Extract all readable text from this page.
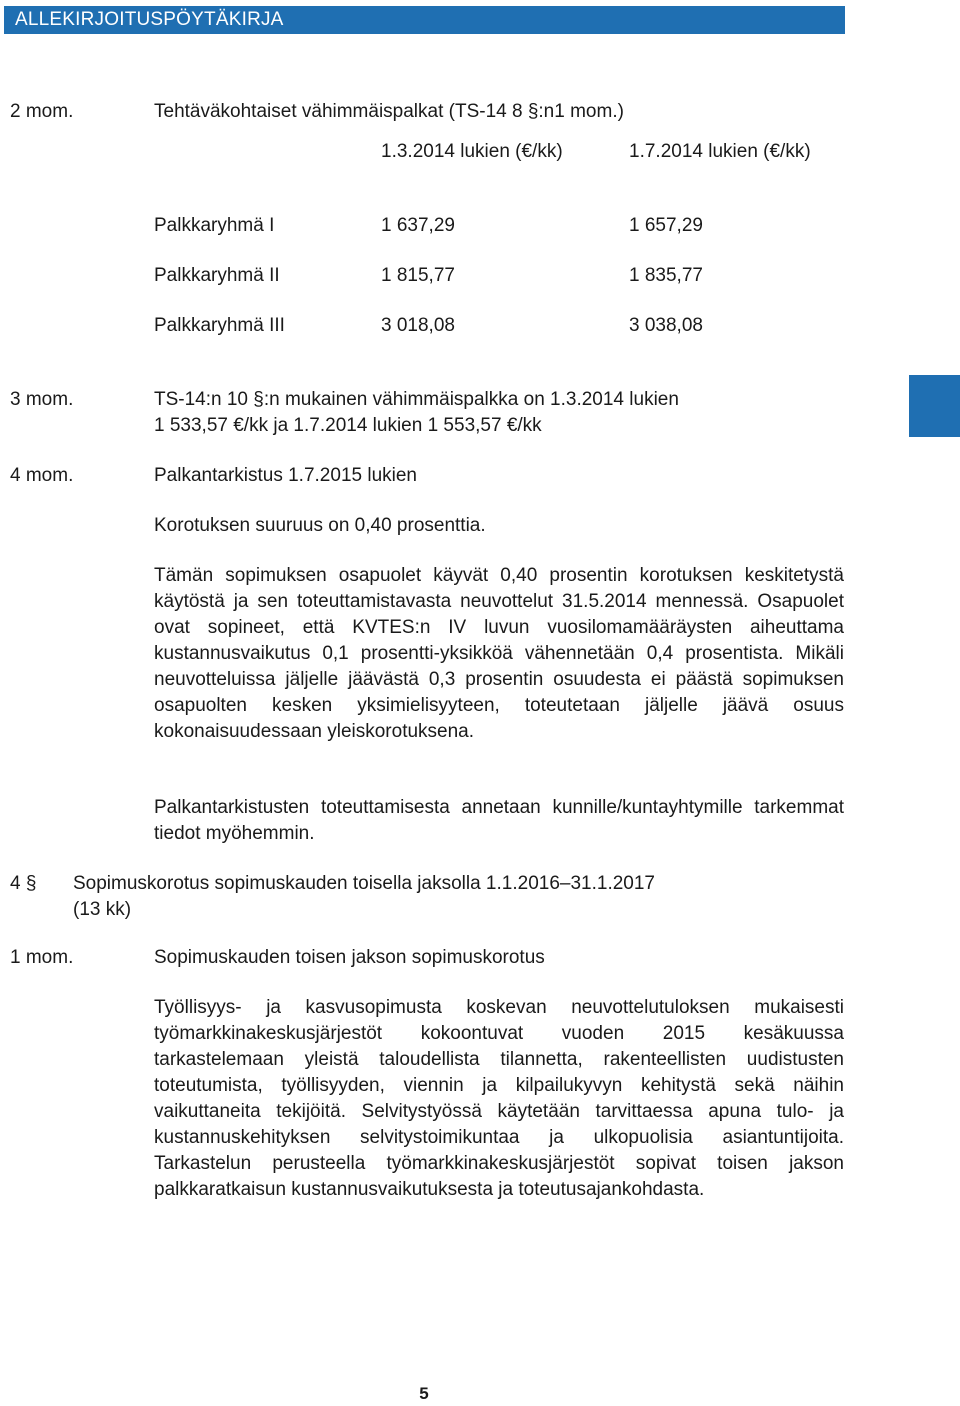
ALLEKIRJOITUSPÖYTÄKIRJA
2 mom.	Tehtäväkohtaiset vähimmäispalkat (TS-14 8 §:n1 mom.)
1.3.2014 lukien (€/kk)	1.7.2014 lukien (€/kk)
Palkkaryhmä I	1 637,29	1 657,29
Palkkaryhmä II	1 815,77	1 835,77
Palkkaryhmä III	3 018,08	3 038,08
3 mom.	TS-14:n 10 §:n mukainen vähimmäispalkka on 1.3.2014 lukien
1 533,57 €/kk ja 1.7.2014 lukien 1 553,57 €/kk
4 mom.	Palkantarkistus 1.7.2015 lukien
Korotuksen suuruus on 0,40 prosenttia.
Tämän sopimuksen osapuolet käyvät 0,40 prosentin korotuksen keskitetystä käytöstä ja sen toteuttamistavasta neuvottelut 31.5.2014 mennessä. Osapuolet ovat sopineet, että KVTES:n IV luvun vuosilomamääräysten aiheuttama kustannusvaikutus 0,1 prosentti-yksikköä vähennetään 0,4 prosentista. Mikäli neuvotteluissa jäljelle jäävästä 0,3 prosentin osuudesta ei päästä sopimuksen osapuolten kesken yksimielisyyteen, toteutetaan jäljelle jäävä osuus kokonaisuudessaan yleiskorotuksena.
Palkantarkistusten toteuttamisesta annetaan kunnille/kuntayhtymille tarkemmat tiedot myöhemmin.
4 § Sopimuskorotus sopimuskauden toisella jaksolla 1.1.2016–31.1.2017
(13 kk)
1 mom.	Sopimuskauden toisen jakson sopimuskorotus
Työllisyys- ja kasvusopimusta koskevan neuvottelutuloksen mukaisesti työmarkkinakeskusjärjestöt kokoontuvat vuoden 2015 kesäkuussa tarkastelemaan yleistä taloudellista tilannetta, rakenteellisten uudistusten toteutumista, työllisyyden, viennin ja kilpailukyvyn kehitystä sekä näihin vaikuttaneita tekijöitä. Selvitystyössä käytetään tarvittaessa apuna tulo- ja kustannuskehityksen selvitystoimikuntaa ja ulkopuolisia asiantuntijoita. Tarkastelun perusteella työmarkkinakeskusjärjestöt sopivat toisen jakson palkkaratkaisun kustannusvaikutuksesta ja toteutusajankohdasta.
5
